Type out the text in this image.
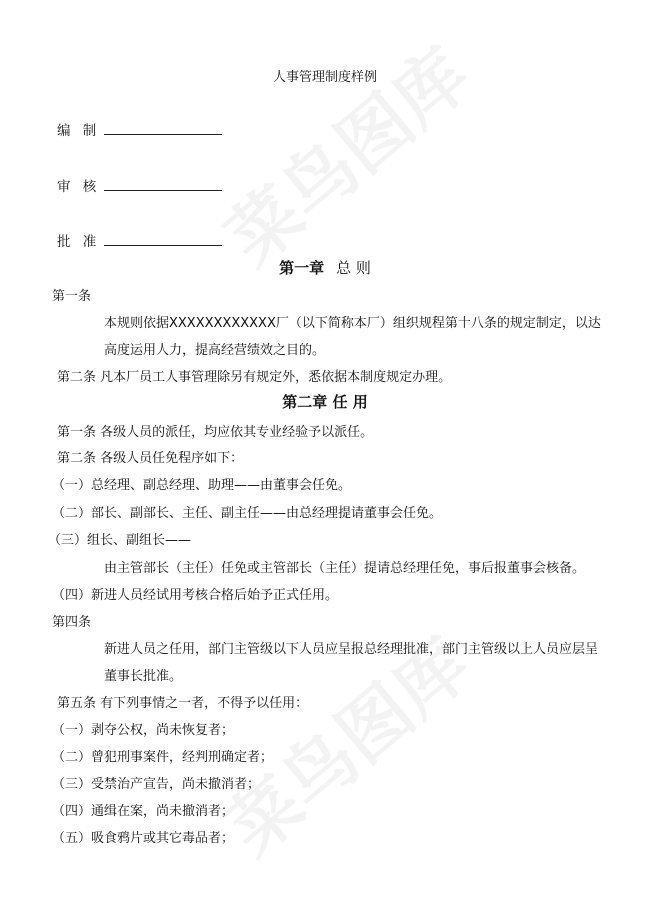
人事管理制度样例
编 制
审 核
批 准
第一章 总 则
第一条
本规则依据XXXXXXXXXXXX厂（以下简称本厂）组织规程第十八条的规定制定，以达
高度运用人力，提高经营绩效之目的。
第二条 凡本厂员工人事管理除另有规定外，悉依据本制度规定办理。
第二章 任 用
第一条 各级人员的派任，均应依其专业经验予以派任。
第二条 各级人员任免程序如下：
（一）总经理、副总经理、助理——由董事会任免。
（二）部长、副部长、主任、副主任——由总经理提请董事会任免。
（三）组长、副组长——
由主管部长（主任）任免或主管部长（主任）提请总经理任免，事后报董事会核备。
（四）新进人员经试用考核合格后始予正式任用。
第四条
新进人员之任用，部门主管级以下人员应呈报总经理批准，部门主管级以上人员应层呈
董事长批准。
第五条 有下列事情之一者，不得予以任用：
（一）剥夺公权，尚未恢复者；
（二）曾犯刑事案件，经判刑确定者；
（三）受禁治产宣告，尚未撤消者；
（四）通缉在案，尚未撤消者；
（五）吸食鸦片或其它毒品者；
